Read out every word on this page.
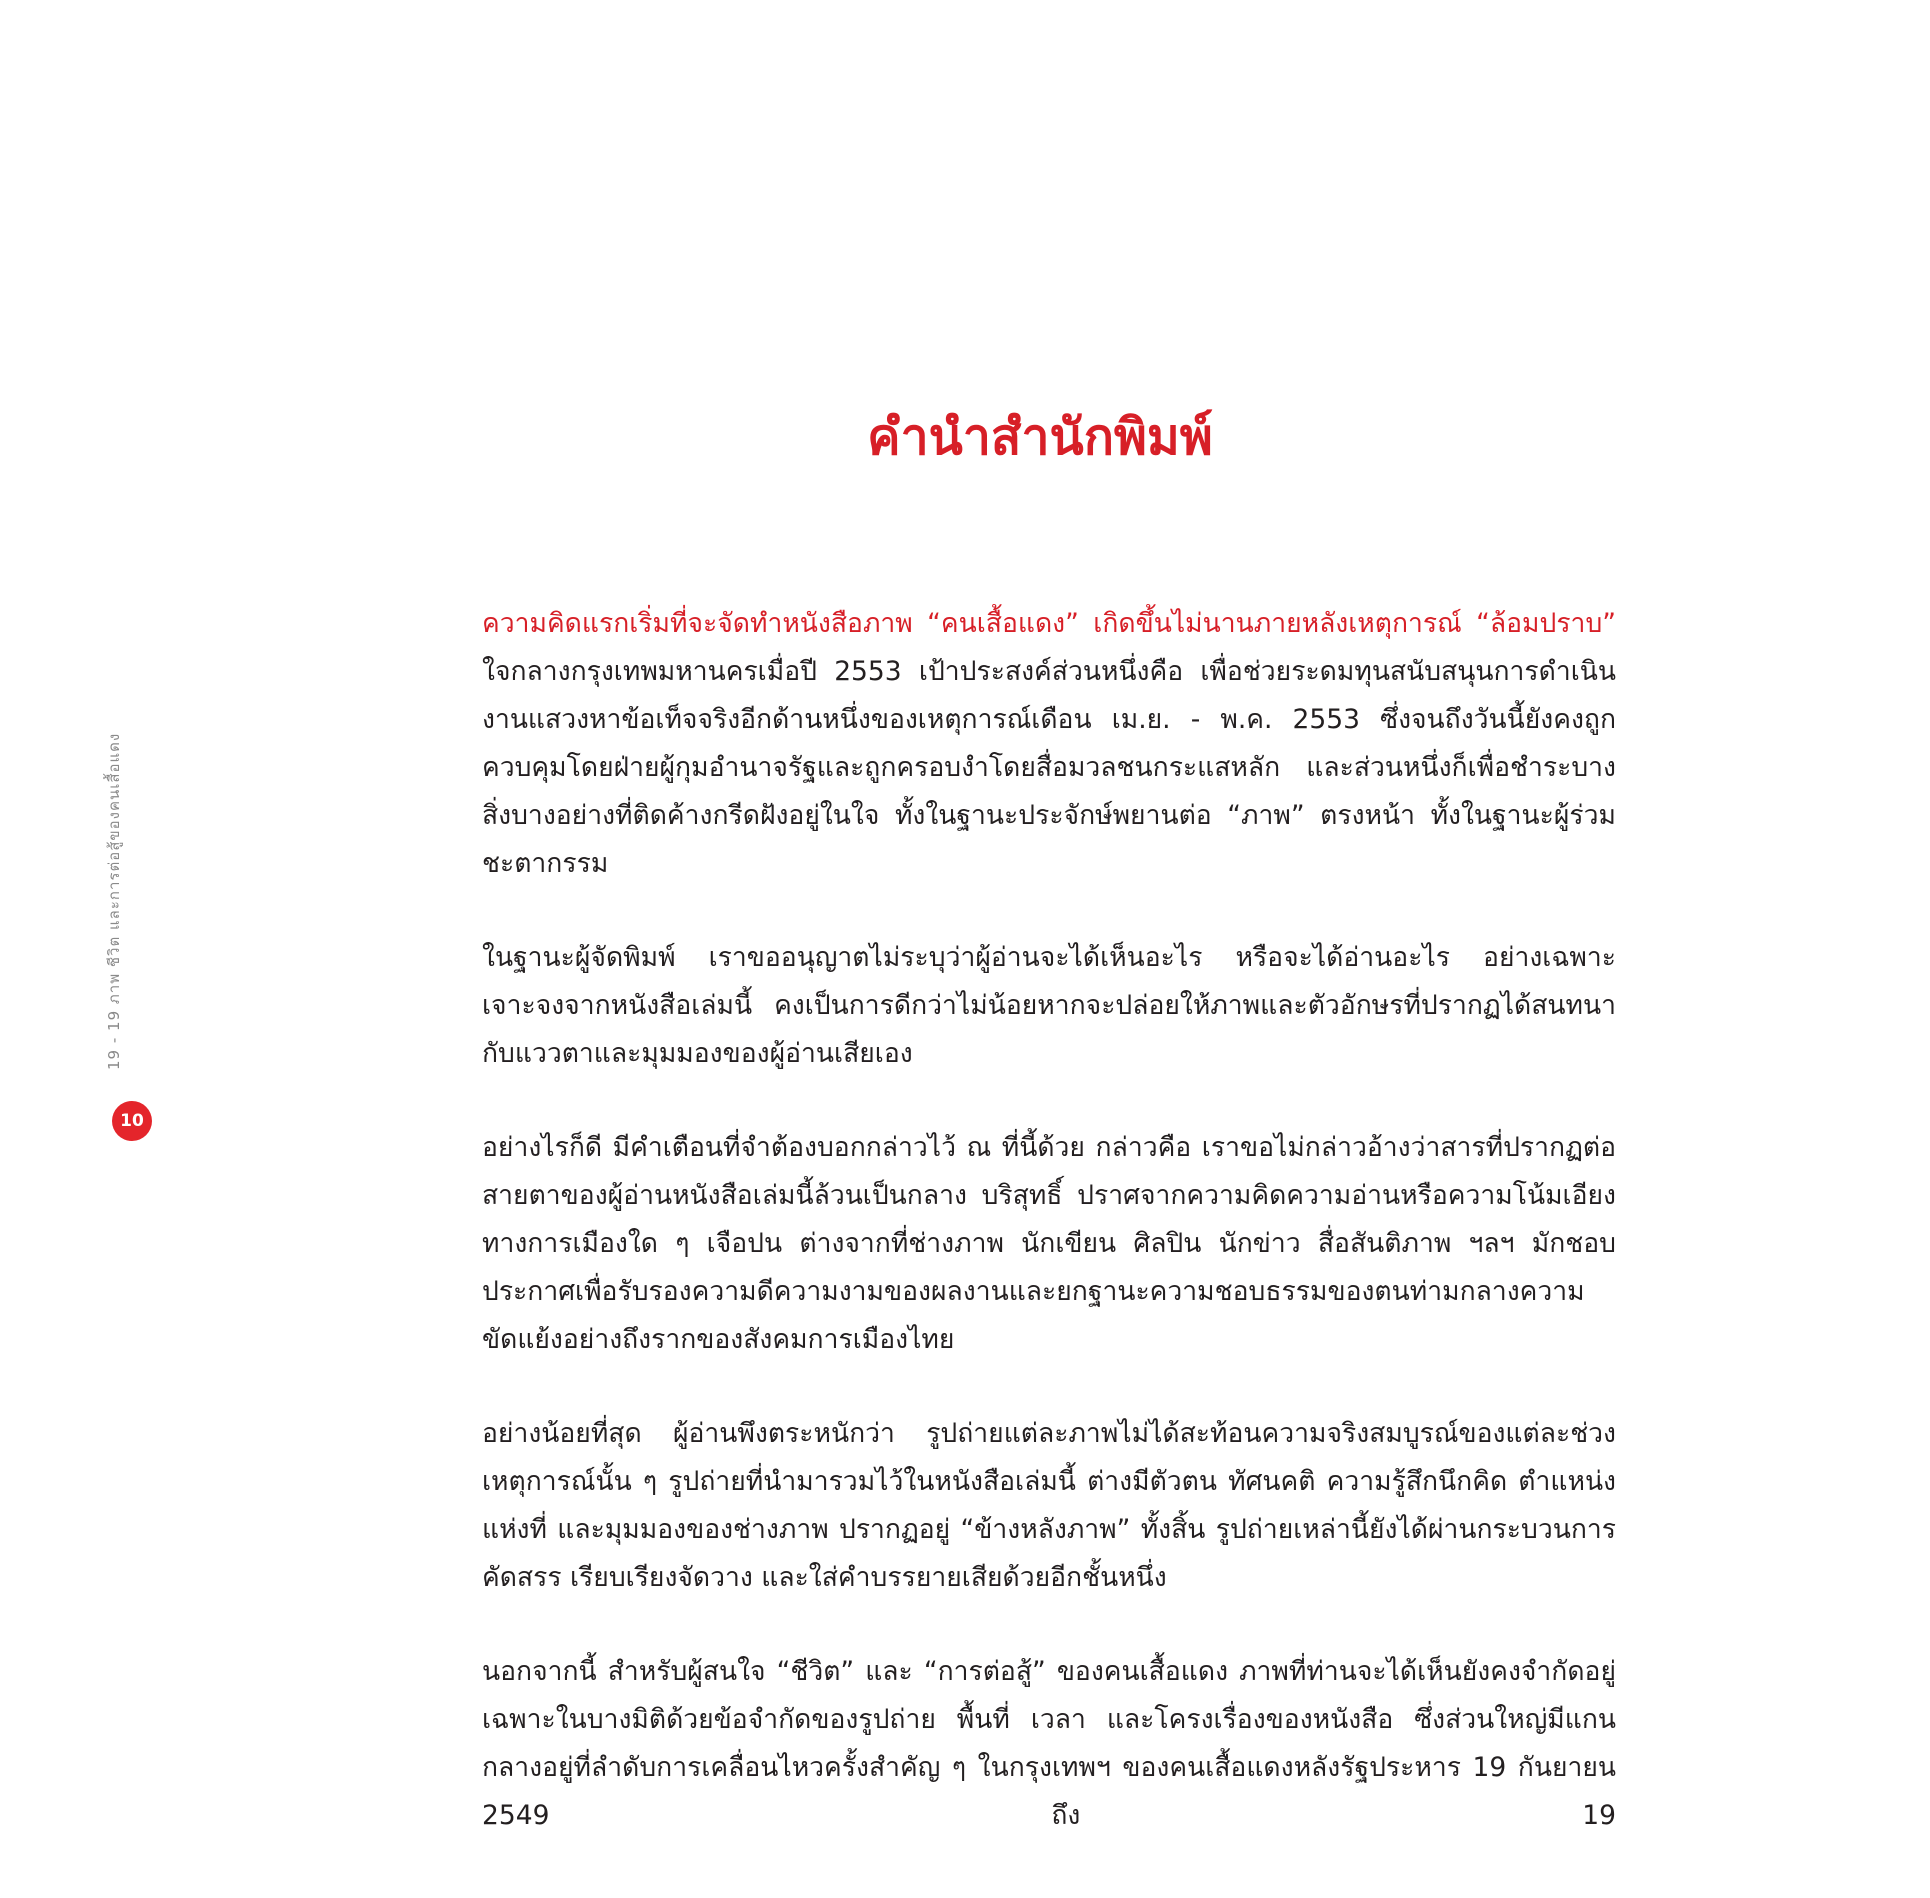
19 - 19 ภาพ ชีวิต และการต่อสู้ของคนเสื้อแดง
10
คำนำสำนักพิมพ์

ความคิดแรกเริ่มที่จะจัดทำหนังสือภาพ “คนเสื้อแดง” เกิดขึ้นไม่นานภายหลังเหตุการณ์ “ล้อมปราบ” ใจกลางกรุงเทพมหานครเมื่อปี 2553 เป้าประสงค์ส่วนหนึ่งคือ เพื่อช่วยระดมทุนสนับสนุนการดำเนินงานแสวงหาข้อเท็จจริงอีกด้านหนึ่งของเหตุการณ์เดือน เม.ย. - พ.ค. 2553 ซึ่งจนถึงวันนี้ยังคงถูกควบคุมโดยฝ่ายผู้กุมอำนาจรัฐและถูกครอบงำโดยสื่อมวลชนกระแสหลัก และส่วนหนึ่งก็เพื่อชำระบางสิ่งบางอย่างที่ติดค้างกรีดฝังอยู่ในใจ ทั้งในฐานะประจักษ์พยานต่อ “ภาพ” ตรงหน้า ทั้งในฐานะผู้ร่วมชะตากรรม

ในฐานะผู้จัดพิมพ์ เราขออนุญาตไม่ระบุว่าผู้อ่านจะได้เห็นอะไร หรือจะได้อ่านอะไร อย่างเฉพาะเจาะจงจากหนังสือเล่มนี้ คงเป็นการดีกว่าไม่น้อยหากจะปล่อยให้ภาพและตัวอักษรที่ปรากฏได้สนทนากับแววตาและมุมมองของผู้อ่านเสียเอง

อย่างไรก็ดี มีคำเตือนที่จำต้องบอกกล่าวไว้ ณ ที่นี้ด้วย กล่าวคือ เราขอไม่กล่าวอ้างว่าสารที่ปรากฏต่อสายตาของผู้อ่านหนังสือเล่มนี้ล้วนเป็นกลาง บริสุทธิ์ ปราศจากความคิดความอ่านหรือความโน้มเอียงทางการเมืองใด ๆ เจือปน ต่างจากที่ช่างภาพ นักเขียน ศิลปิน นักข่าว สื่อสันติภาพ ฯลฯ มักชอบประกาศเพื่อรับรองความดีความงามของผลงานและยกฐานะความชอบธรรมของตนท่ามกลางความขัดแย้งอย่างถึงรากของสังคมการเมืองไทย

อย่างน้อยที่สุด ผู้อ่านพึงตระหนักว่า รูปถ่ายแต่ละภาพไม่ได้สะท้อนความจริงสมบูรณ์ของแต่ละช่วงเหตุการณ์นั้น ๆ รูปถ่ายที่นำมารวมไว้ในหนังสือเล่มนี้ ต่างมีตัวตน ทัศนคติ ความรู้สึกนึกคิด ตำแหน่งแห่งที่ และมุมมองของช่างภาพ ปรากฏอยู่ “ข้างหลังภาพ” ทั้งสิ้น รูปถ่ายเหล่านี้ยังได้ผ่านกระบวนการคัดสรร เรียบเรียงจัดวาง และใส่คำบรรยายเสียด้วยอีกชั้นหนึ่ง

นอกจากนี้ สำหรับผู้สนใจ “ชีวิต” และ “การต่อสู้” ของคนเสื้อแดง ภาพที่ท่านจะได้เห็นยังคงจำกัดอยู่เฉพาะในบางมิติด้วยข้อจำกัดของรูปถ่าย พื้นที่ เวลา และโครงเรื่องของหนังสือ ซึ่งส่วนใหญ่มีแกนกลางอยู่ที่ลำดับการเคลื่อนไหวครั้งสำคัญ ๆ ในกรุงเทพฯ ของคนเสื้อแดงหลังรัฐประหาร 19 กันยายน 2549 ถึง 19
